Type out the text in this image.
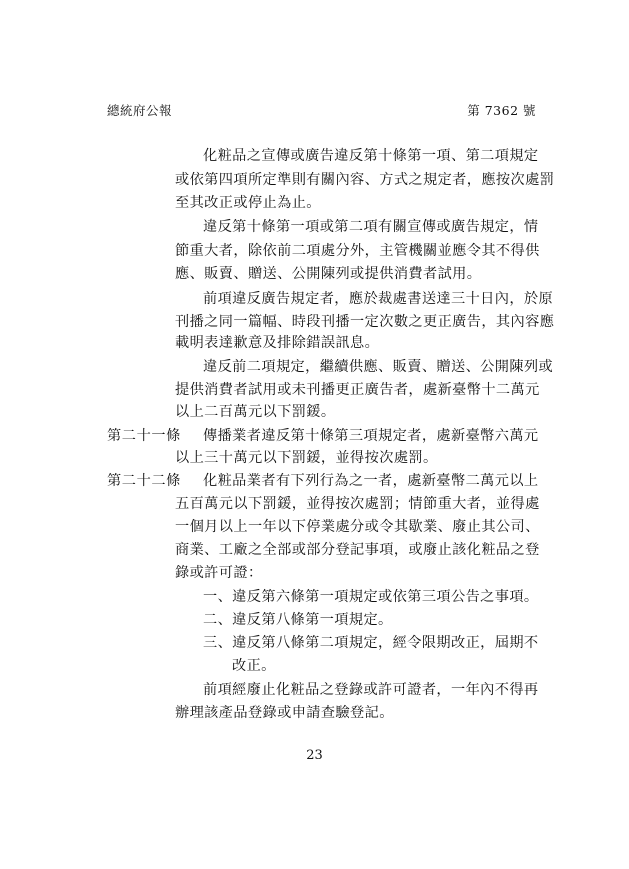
總統府公報	第 7362 號
化粧品之宣傳或廣告違反第十條第一項、第二項規定
或依第四項所定準則有關內容、方式之規定者，應按次處罰
至其改正或停止為止。
違反第十條第一項或第二項有關宣傳或廣告規定，情
節重大者，除依前二項處分外，主管機關並應令其不得供
應、販賣、贈送、公開陳列或提供消費者試用。
前項違反廣告規定者，應於裁處書送達三十日內，於原
刊播之同一篇幅、時段刊播一定次數之更正廣告，其內容應
載明表達歉意及排除錯誤訊息。
違反前二項規定，繼續供應、販賣、贈送、公開陳列或
提供消費者試用或未刊播更正廣告者，處新臺幣十二萬元
以上二百萬元以下罰鍰。
第二十一條 傳播業者違反第十條第三項規定者，處新臺幣六萬元
以上三十萬元以下罰鍰，並得按次處罰。
第二十二條 化粧品業者有下列行為之一者，處新臺幣二萬元以上
五百萬元以下罰鍰，並得按次處罰；情節重大者，並得處
一個月以上一年以下停業處分或令其歇業、廢止其公司、
商業、工廠之全部或部分登記事項，或廢止該化粧品之登
錄或許可證：
一、違反第六條第一項規定或依第三項公告之事項。
二、違反第八條第一項規定。
三、違反第八條第二項規定，經令限期改正，屆期不
改正。
前項經廢止化粧品之登錄或許可證者，一年內不得再
辦理該產品登錄或申請查驗登記。
23
